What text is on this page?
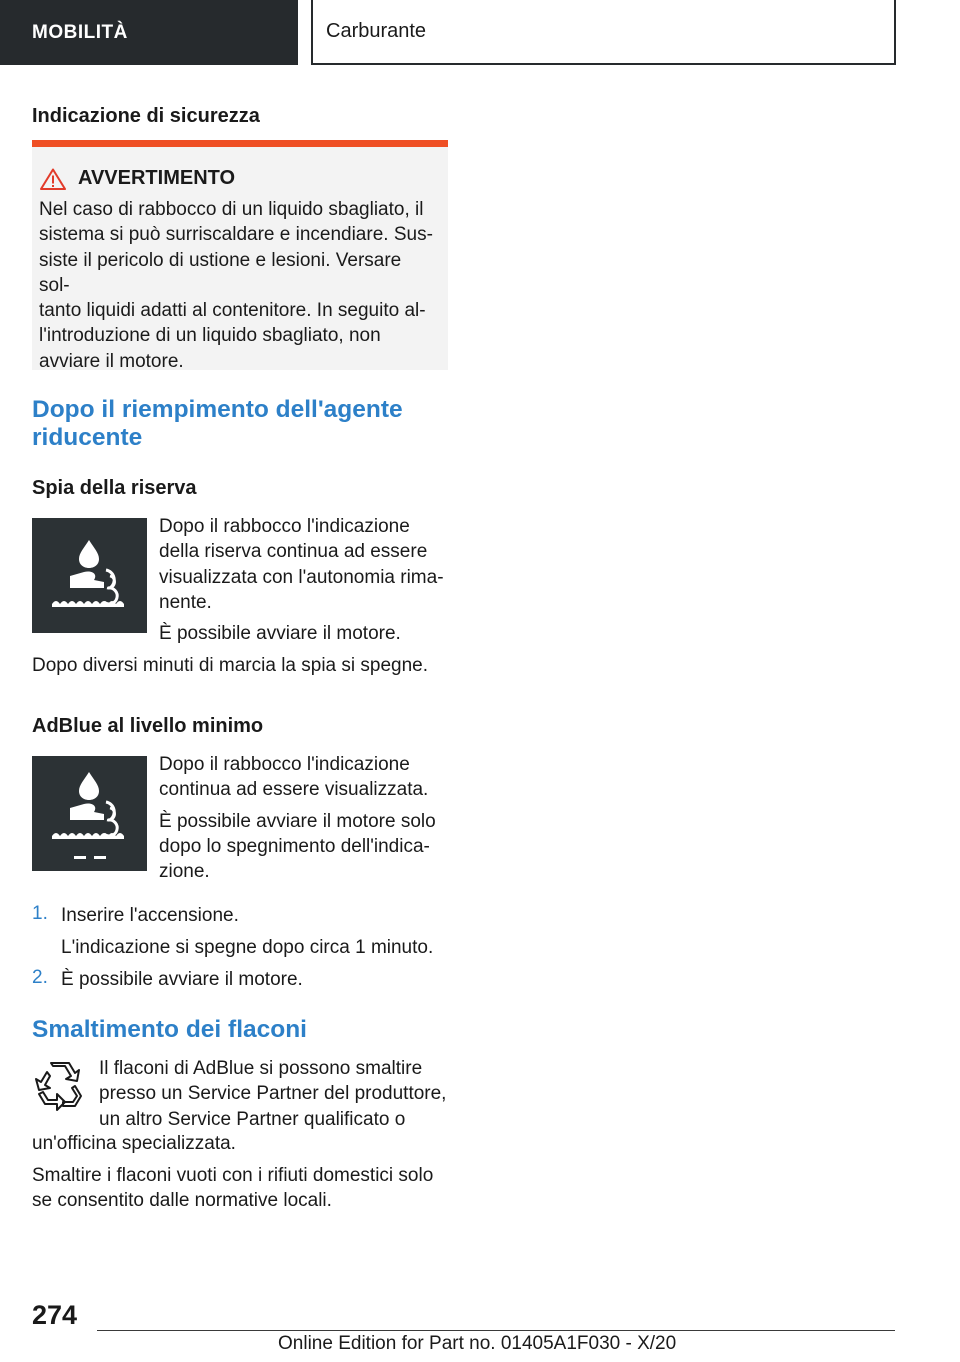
MOBILITÀ	Carburante

Indicazione di sicurezza

AVVERTIMENTO
Nel caso di rabbocco di un liquido sbagliato, il
sistema si può surriscaldare e incendiare. Sus-
siste il pericolo di ustione e lesioni. Versare sol-
tanto liquidi adatti al contenitore. In seguito al-
l'introduzione di un liquido sbagliato, non
avviare il motore.

Dopo il riempimento dell'agente
riducente

Spia della riserva

Dopo il rabbocco l'indicazione
della riserva continua ad essere
visualizzata con l'autonomia rima-
nente.
È possibile avviare il motore.
Dopo diversi minuti di marcia la spia si spegne.

AdBlue al livello minimo

Dopo il rabbocco l'indicazione
continua ad essere visualizzata.
È possibile avviare il motore solo
dopo lo spegnimento dell'indica-
zione.
1. Inserire l'accensione.
L'indicazione si spegne dopo circa 1 minuto.
2. È possibile avviare il motore.

Smaltimento dei flaconi

Il flaconi di AdBlue si possono smaltire
presso un Service Partner del produttore,
un altro Service Partner qualificato o
un'officina specializzata.
Smaltire i flaconi vuoti con i rifiuti domestici solo
se consentito dalle normative locali.
274
Online Edition for Part no. 01405A1F030 - X/20
